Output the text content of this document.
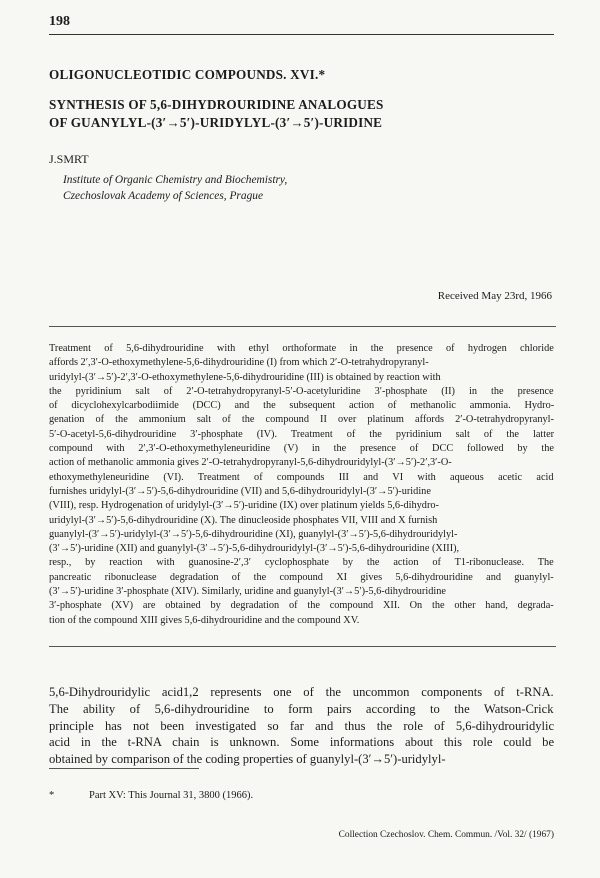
198
OLIGONUCLEOTIDIC COMPOUNDS. XVI.*
SYNTHESIS OF 5,6-DIHYDROURIDINE ANALOGUES
OF GUANYLYL-(3′→5′)-URIDYLYL-(3′→5′)-URIDINE
J.SMRT
Institute of Organic Chemistry and Biochemistry,
Czechoslovak Academy of Sciences, Prague
Received May 23rd, 1966
Treatment of 5,6-dihydrouridine with ethyl orthoformate in the presence of hydrogen chloride
affords 2′,3′-O-ethoxymethylene-5,6-dihydrouridine (I) from which 2′-O-tetrahydropyranyl-
uridylyl-(3′→5′)-2′,3′-O-ethoxymethylene-5,6-dihydrouridine (III) is obtained by reaction with
the pyridinium salt of 2′-O-tetrahydropyranyl-5′-O-acetyluridine 3′-phosphate (II) in the presence
of dicyclohexylcarbodiimide (DCC) and the subsequent action of methanolic ammonia. Hydro-
genation of the ammonium salt of the compound II over platinum affords 2′-O-tetrahydropyranyl-
5′-O-acetyl-5,6-dihydrouridine 3′-phosphate (IV). Treatment of the pyridinium salt of the latter
compound with 2′,3′-O-ethoxymethyleneuridine (V) in the presence of DCC followed by the
action of methanolic ammonia gives 2′-O-tetrahydropyranyl-5,6-dihydrouridylyl-(3′→5′)-2′,3′-O-
ethoxymethyleneuridine (VI). Treatment of compounds III and VI with aqueous acetic acid
furnishes uridylyl-(3′→5′)-5,6-dihydrouridine (VII) and 5,6-dihydrouridylyl-(3′→5′)-uridine
(VIII), resp. Hydrogenation of uridylyl-(3′→5′)-uridine (IX) over platinum yields 5,6-dihydro-
uridylyl-(3′→5′)-5,6-dihydrouridine (X). The dinucleoside phosphates VII, VIII and X furnish
guanylyl-(3′→5′)-uridylyl-(3′→5′)-5,6-dihydrouridine (XI), guanylyl-(3′→5′)-5,6-dihydrouridylyl-
(3′→5′)-uridine (XII) and guanylyl-(3′→5′)-5,6-dihydrouridylyl-(3′→5′)-5,6-dihydrouridine (XIII),
resp., by reaction with guanosine-2′,3′ cyclophosphate by the action of T1-ribonuclease. The
pancreatic ribonuclease degradation of the compound XI gives 5,6-dihydrouridine and guanylyl-
(3′→5′)-uridine 3′-phosphate (XIV). Similarly, uridine and guanylyl-(3′→5′)-5,6-dihydrouridine
3′-phosphate (XV) are obtained by degradation of the compound XII. On the other hand, degrada-
tion of the compound XIII gives 5,6-dihydrouridine and the compound XV.
5,6-Dihydrouridylic acid1,2 represents one of the uncommon components of t-RNA.
The ability of 5,6-dihydrouridine to form pairs according to the Watson-Crick
principle has not been investigated so far and thus the role of 5,6-dihydrouridylic
acid in the t-RNA chain is unknown. Some informations about this role could be
obtained by comparison of the coding properties of guanylyl-(3′→5′)-uridylyl-
*	Part XV: This Journal 31, 3800 (1966).
Collection Czechoslov. Chem. Commun. /Vol. 32/ (1967)
